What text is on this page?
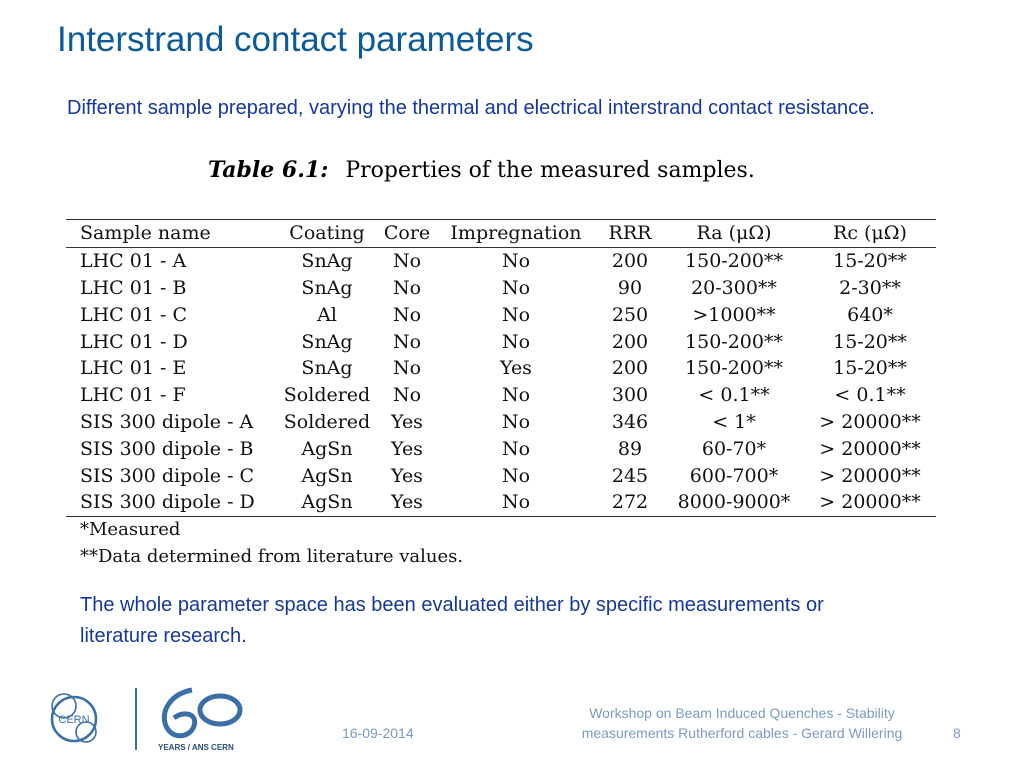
Interstrand contact parameters
Different sample prepared, varying the thermal and electrical interstrand contact resistance.
Table 6.1: Properties of the measured samples.
Sample name	Coating	Core	Impregnation	RRR	Ra (μΩ)	Rc (μΩ)
LHC 01 - A	SnAg	No	No	200	150-200**	15-20**
LHC 01 - B	SnAg	No	No	90	20-300**	2-30**
LHC 01 - C	Al	No	No	250	>1000**	640*
LHC 01 - D	SnAg	No	No	200	150-200**	15-20**
LHC 01 - E	SnAg	No	Yes	200	150-200**	15-20**
LHC 01 - F	Soldered	No	No	300	< 0.1**	< 0.1**
SIS 300 dipole - A	Soldered	Yes	No	346	< 1*	> 20000**
SIS 300 dipole - B	AgSn	Yes	No	89	60-70*	> 20000**
SIS 300 dipole - C	AgSn	Yes	No	245	600-700*	> 20000**
SIS 300 dipole - D	AgSn	Yes	No	272	8000-9000*	> 20000**
*Measured
**Data determined from literature values.
The whole parameter space has been evaluated either by specific measurements or literature research.
CERN
YEARS / ANS CERN
16-09-2014
Workshop on Beam Induced Quenches - Stability measurements Rutherford cables - Gerard Willering	8
